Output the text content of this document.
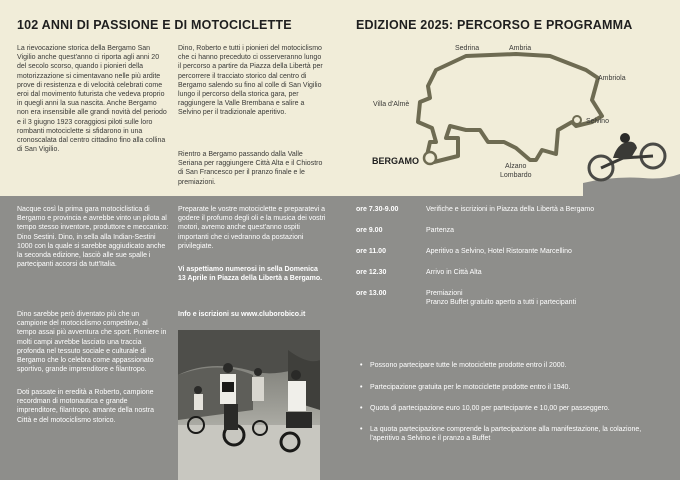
102 ANNI DI PASSIONE E DI MOTOCICLETTE
La rievocazione storica della Bergamo San Vigilio anche quest'anno ci riporta agli anni 20 del secolo scorso, quando i pionieri della motorizzazione si cimentavano nelle più ardite prove di resistenza e di velocità celebrati come eroi dal movimento futurista che vedeva proprio in quegli anni la sua nascita. Anche Bergamo non era insensibile alle grandi novità del periodo e il 3 giugno 1923 coraggiosi piloti sulle loro rombanti motociclette si sfidarono in una cronoscalata dal centro cittadino fino alla collina di San Vigilio.
Dino, Roberto e tutti i pionieri del motociclismo che ci hanno preceduto ci osserveranno lungo il percorso a partire da Piazza della Libertà per percorrere il tracciato storico dal centro di Bergamo salendo su fino al colle di San Vigilio lungo il percorso della storica gara, per raggiungere la Valle Brembana e salire a Selvino per il tradizionale aperitivo.
Rientro a Bergamo passando dalla Valle Seriana per raggiungere Città Alta e il Chiostro di San Francesco per il pranzo finale e le premiazioni.
Nacque così la prima gara motociclistica di Bergamo e provincia e avrebbe vinto un pilota al tempo stesso inventore, produttore e meccanico: Dino Sestini. Dino, in sella alla Indian-Sestini 1000 con la quale si sarebbe aggiudicato anche la seconda edizione, lasciò alle sue spalle i partecipanti accorsi da tutt'Italia.
Dino sarebbe però diventato più che un campione del motociclismo competitivo, al tempo assai più avventura che sport. Pioniere in molti campi avrebbe lasciato una traccia profonda nel tessuto sociale e culturale di Bergamo che lo celebra come appassionato sportivo, grande imprenditore e filantropo.
Doti passate in eredità a Roberto, campione recordman di motonautica e grande imprenditore, filantropo, amante della nostra Città e del motociclismo storico.
Preparate le vostre motociclette e preparatevi a godere il profumo degli oli e la musica dei vostri motori, avremo anche quest'anno ospiti importanti che ci vedranno da postazioni privilegiate.
Vi aspettiamo numerosi in sella Domenica 13 Aprile in Piazza della Libertà a Bergamo.
Info e iscrizioni su www.cluborobico.it
EDIZIONE 2025: PERCORSO E PROGRAMMA
Sedrina	Ambria
Ambriola
Villa d'Almè
Selvino
BERGAMO
Alzano Lombardo
ore 7.30-9.00	Verifiche e iscrizioni in Piazza della Libertà a Bergamo
ore 9.00	Partenza
ore 11.00	Aperitivo a Selvino, Hotel Ristorante Marcellino
ore 12.30	Arrivo in Città Alta
ore 13.00	Premiazioni
Pranzo Buffet gratuito aperto a tutti i partecipanti
• Possono partecipare tutte le motociclette prodotte entro il 2000.
• Partecipazione gratuita per le motociclette prodotte entro il 1940.
• Quota di partecipazione euro 10,00 per partecipante e 10,00 per passeggero.
• La quota partecipazione comprende la partecipazione alla manifestazione, la colazione, l'aperitivo a Selvino e il pranzo a Buffet
